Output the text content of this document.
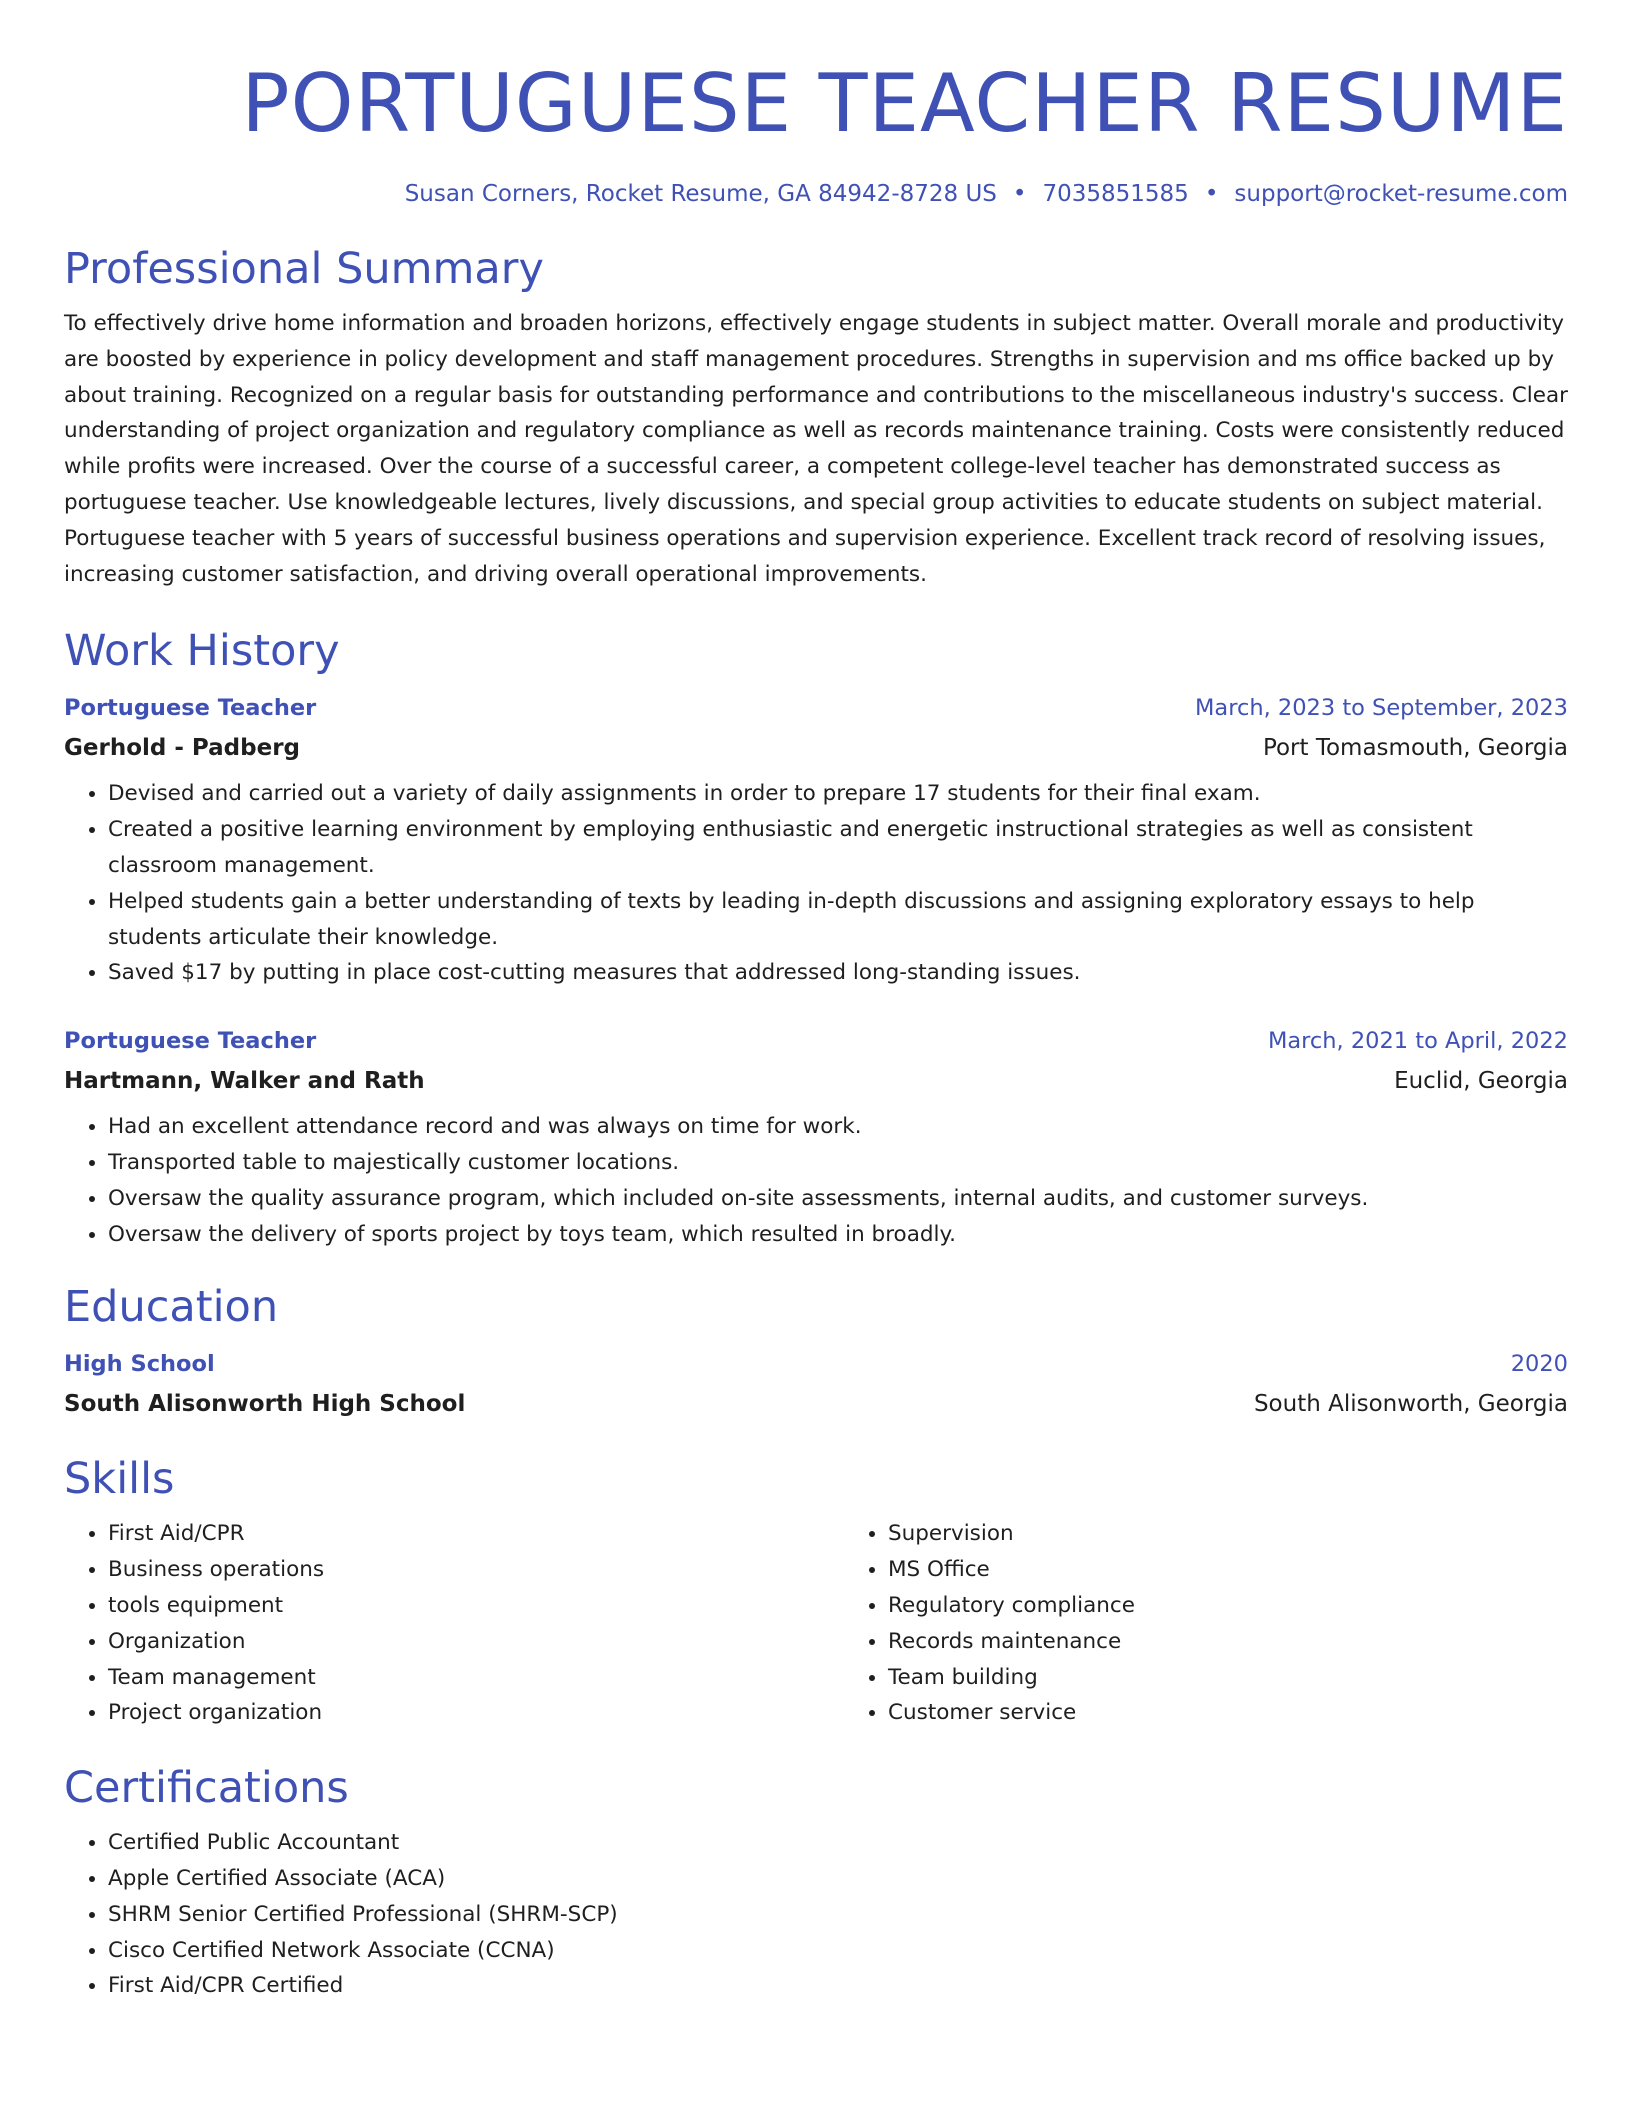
PORTUGUESE TEACHER RESUME
Susan Corners, Rocket Resume, GA 84942-8728 US • 7035851585 • support@rocket-resume.com
Professional Summary

To effectively drive home information and broaden horizons, effectively engage students in subject matter. Overall morale and productivity are boosted by experience in policy development and staff management procedures. Strengths in supervision and ms office backed up by about training. Recognized on a regular basis for outstanding performance and contributions to the miscellaneous industry's success. Clear understanding of project organization and regulatory compliance as well as records maintenance training. Costs were consistently reduced while profits were increased. Over the course of a successful career, a competent college-level teacher has demonstrated success as portuguese teacher. Use knowledgeable lectures, lively discussions, and special group activities to educate students on subject material. Portuguese teacher with 5 years of successful business operations and supervision experience. Excellent track record of resolving issues, increasing customer satisfaction, and driving overall operational improvements.

Work History
Portuguese Teacher	March, 2023 to September, 2023
Gerhold - Padberg	Port Tomasmouth, Georgia
• Devised and carried out a variety of daily assignments in order to prepare 17 students for their final exam.
• Created a positive learning environment by employing enthusiastic and energetic instructional strategies as well as consistent classroom management.
• Helped students gain a better understanding of texts by leading in-depth discussions and assigning exploratory essays to help students articulate their knowledge.
• Saved $17 by putting in place cost-cutting measures that addressed long-standing issues.
Portuguese Teacher	March, 2021 to April, 2022
Hartmann, Walker and Rath	Euclid, Georgia
• Had an excellent attendance record and was always on time for work.
• Transported table to majestically customer locations.
• Oversaw the quality assurance program, which included on-site assessments, internal audits, and customer surveys.
• Oversaw the delivery of sports project by toys team, which resulted in broadly.
Education
High School	2020
South Alisonworth High School	South Alisonworth, Georgia
Skills
• First Aid/CPR
• Business operations
• tools equipment
• Organization
• Team management
• Project organization
• Supervision
• MS Office
• Regulatory compliance
• Records maintenance
• Team building
• Customer service
Certifications
• Certified Public Accountant
• Apple Certified Associate (ACA)
• SHRM Senior Certified Professional (SHRM-SCP)
• Cisco Certified Network Associate (CCNA)
• First Aid/CPR Certified
